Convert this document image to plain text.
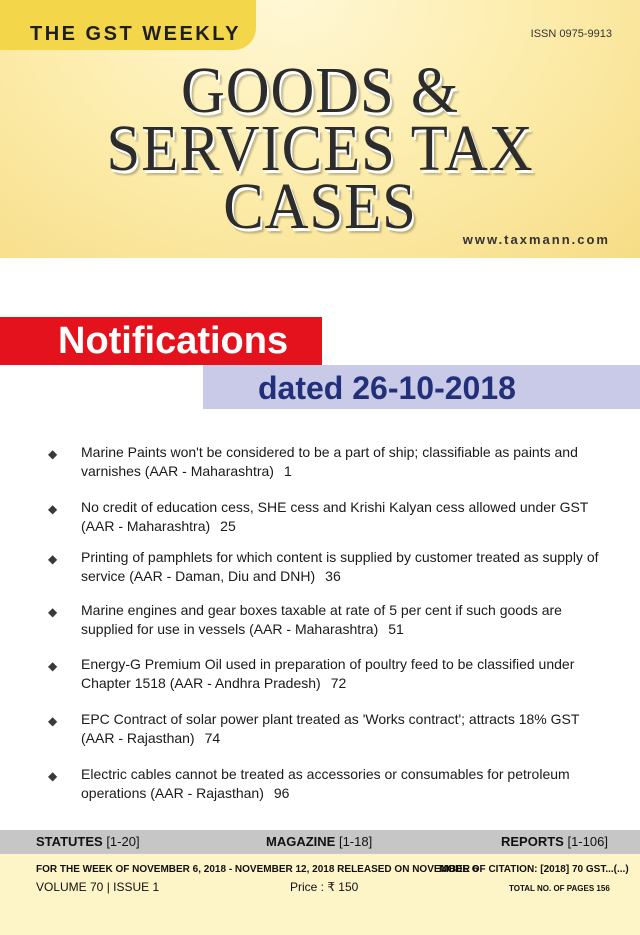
THE GST WEEKLY	ISSN 0975-9913
GOODS &
SERVICES TAX
CASES	www.taxmann.com
Notifications
dated 26-10-2018
◆ Marine Paints won't be considered to be a part of ship; classifiable as paints and varnishes (AAR - Maharashtra) 1
◆ No credit of education cess, SHE cess and Krishi Kalyan cess allowed under GST (AAR - Maharashtra) 25
◆ Printing of pamphlets for which content is supplied by customer treated as supply of service (AAR - Daman, Diu and DNH) 36
◆ Marine engines and gear boxes taxable at rate of 5 per cent if such goods are supplied for use in vessels (AAR - Maharashtra) 51
◆ Energy-G Premium Oil used in preparation of poultry feed to be classified under Chapter 1518 (AAR - Andhra Pradesh) 72
◆ EPC Contract of solar power plant treated as 'Works contract'; attracts 18% GST (AAR - Rajasthan) 74
◆ Electric cables cannot be treated as accessories or consumables for petroleum operations (AAR - Rajasthan) 96
STATUTES [1-20]	MAGAZINE [1-18]	REPORTS [1-106]
FOR THE WEEK OF NOVEMBER 6, 2018 - NOVEMBER 12, 2018 RELEASED ON NOVEMBER 6
MODE OF CITATION: [2018] 70 GST...(...)
VOLUME 70 | ISSUE 1	Price : ₹ 150	TOTAL NO. OF PAGES 156
